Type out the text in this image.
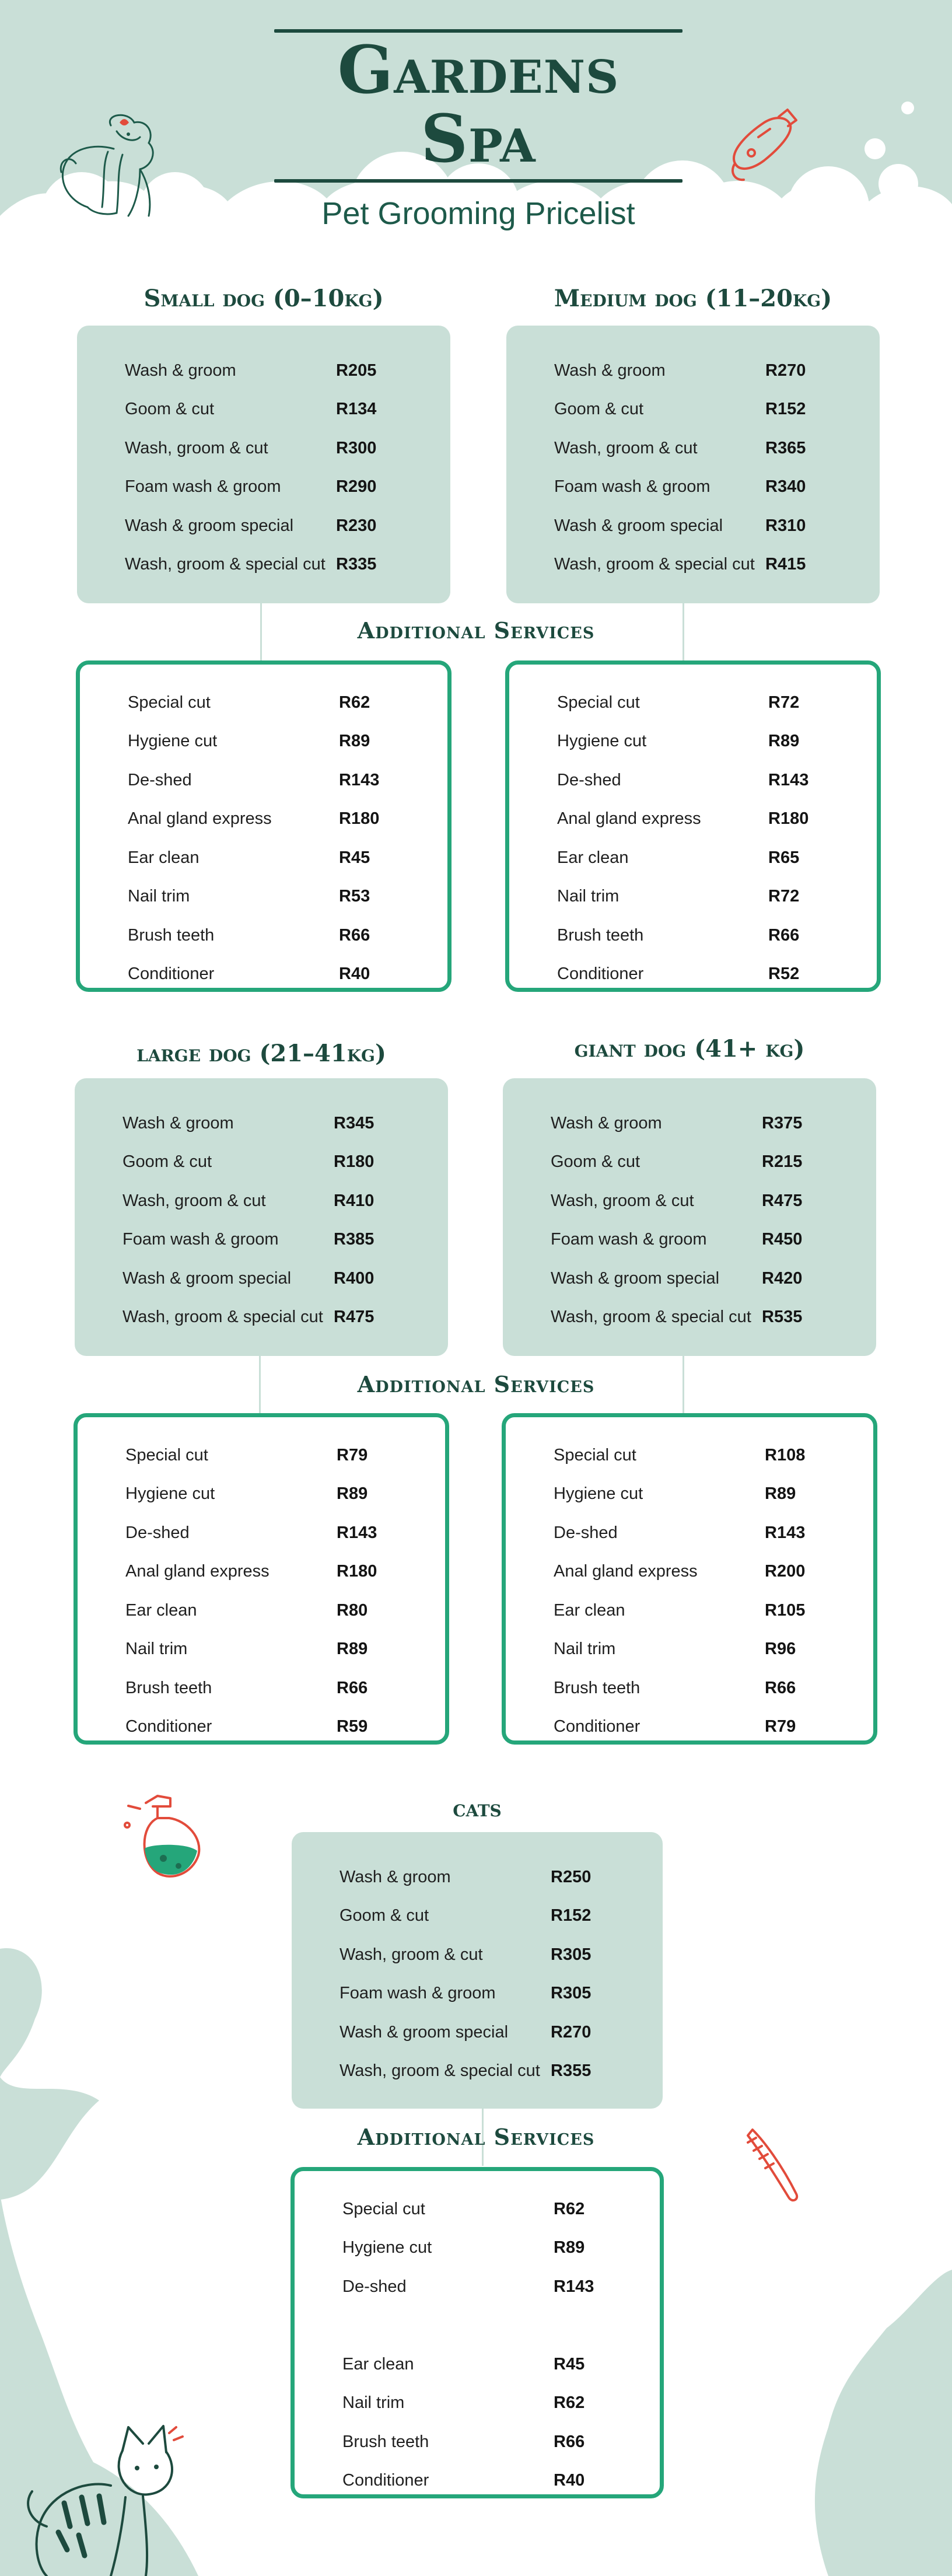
Gardens Spa
Pet Grooming Pricelist
Small dog (0–10kg)	Medium dog (11–20kg)
Wash & groom	R205
Goom & cut	R134
Wash, groom & cut	R300
Foam wash & groom	R290
Wash & groom special	R230
Wash, groom & special cut R335
Wash & groom	R270
Goom & cut	R152
Wash, groom & cut	R365
Foam wash & groom	R340
Wash & groom special	R310
Wash, groom & special cut R415
Additional Services
Special cut	R62
Hygiene cut	R89
De-shed	R143
Anal gland express	R180
Ear clean	R45
Nail trim	R53
Brush teeth	R66
Conditioner	R40
Special cut	R72
Hygiene cut	R89
De-shed	R143
Anal gland express	R180
Ear clean	R65
Nail trim	R72
Brush teeth	R66
Conditioner	R52
large dog (21–41kg)	giant dog (41+ kg)
Wash & groom	R345
Goom & cut	R180
Wash, groom & cut	R410
Foam wash & groom	R385
Wash & groom special	R400
Wash, groom & special cut R475
Wash & groom	R375
Goom & cut	R215
Wash, groom & cut	R475
Foam wash & groom	R450
Wash & groom special	R420
Wash, groom & special cut R535
Additional Services
Special cut	R79
Hygiene cut	R89
De-shed	R143
Anal gland express	R180
Ear clean	R80
Nail trim	R89
Brush teeth	R66
Conditioner	R59
Special cut	R108
Hygiene cut	R89
De-shed	R143
Anal gland express	R200
Ear clean	R105
Nail trim	R96
Brush teeth	R66
Conditioner	R79
cats
Wash & groom	R250
Goom & cut	R152
Wash, groom & cut	R305
Foam wash & groom	R305
Wash & groom special	R270
Wash, groom & special cut R355
Additional Services
Special cut	R62
Hygiene cut	R89
De-shed	R143
Ear clean	R45
Nail trim	R62
Brush teeth	R66
Conditioner	R40
